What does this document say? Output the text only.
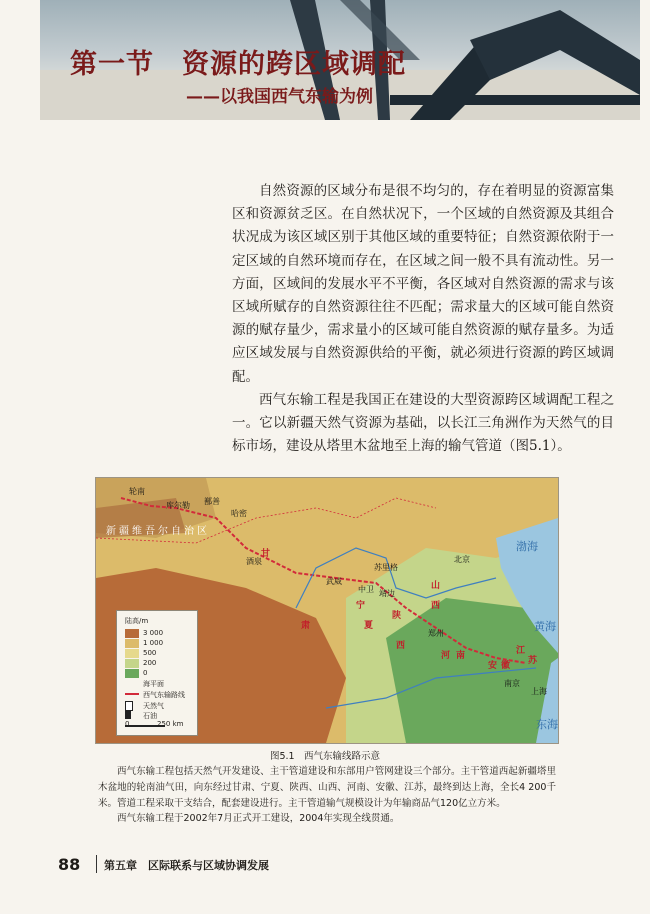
第一节　资源的跨区域调配
——以我国西气东输为例

自然资源的区域分布是很不均匀的，存在着明显的资源富集区和资源贫乏区。在自然状况下，一个区域的自然资源及其组合状况成为该区域区别于其他区域的重要特征；自然资源依附于一定区域的自然环境而存在，在区域之间一般不具有流动性。另一方面，区域间的发展水平不平衡，各区域对自然资源的需求与该区域所赋存的自然资源往往不匹配；需求量大的区域可能自然资源的赋存量少，需求量小的区域可能自然资源的赋存量多。为适应区域发展与自然资源供给的平衡，就必须进行资源的跨区域调配。

西气东输工程是我国正在建设的大型资源跨区域调配工程之一。它以新疆天然气资源为基础，以长江三角洲作为天然气的目标市场，建设从塔里木盆地至上海的输气管道（图5.1）。

轮南
库尔勒 鄯善
哈密
新疆维吾尔自治区
酒泉
武威
苏里格
靖边
中卫
北京
郑州
南京
上海
渤海
黄海
东海
甘
肃
宁
夏
陕
西
山
西
河 南
安 徽
江
苏
陆高/m
3 000
1 000
500
200
0
海平面
西气东输路线
天然气
石油
0	250 km
图5.1　西气东输线路示意

西气东输工程包括天然气开发建设、主干管道建设和东部用户管网建设三个部分。主干管道西起新疆塔里木盆地的轮南油气田，向东经过甘肃、宁夏、陕西、山西、河南、安徽、江苏，最终到达上海，全长4 200千米。管道工程采取干支结合，配套建设进行。主干管道输气规模设计为年输商品气120亿立方米。

西气东输工程于2002年7月正式开工建设，2004年实现全线贯通。

88 第五章　区际联系与区域协调发展
